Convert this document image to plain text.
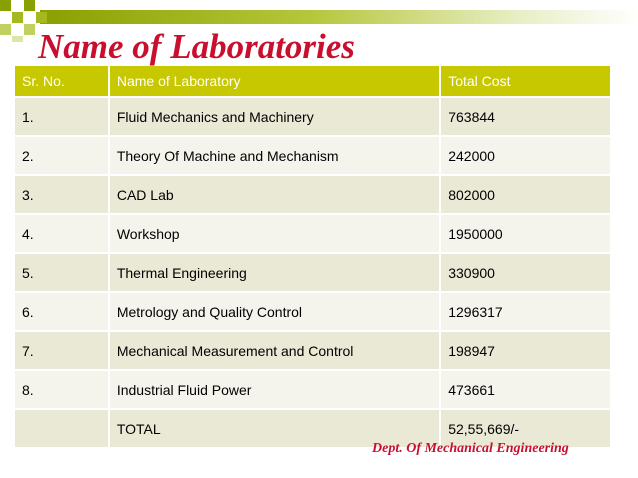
Name of Laboratories
Sr. No.	Name of Laboratory	Total Cost
1.	Fluid Mechanics and Machinery	763844
2.	Theory Of Machine and Mechanism	242000
3.	CAD Lab	802000
4.	Workshop	1950000
5.	Thermal Engineering	330900
6.	Metrology and Quality Control	1296317
7.	Mechanical Measurement and Control	198947
8.	Industrial Fluid Power	473661
	TOTAL	52,55,669/-
Dept. Of Mechanical Engineering
